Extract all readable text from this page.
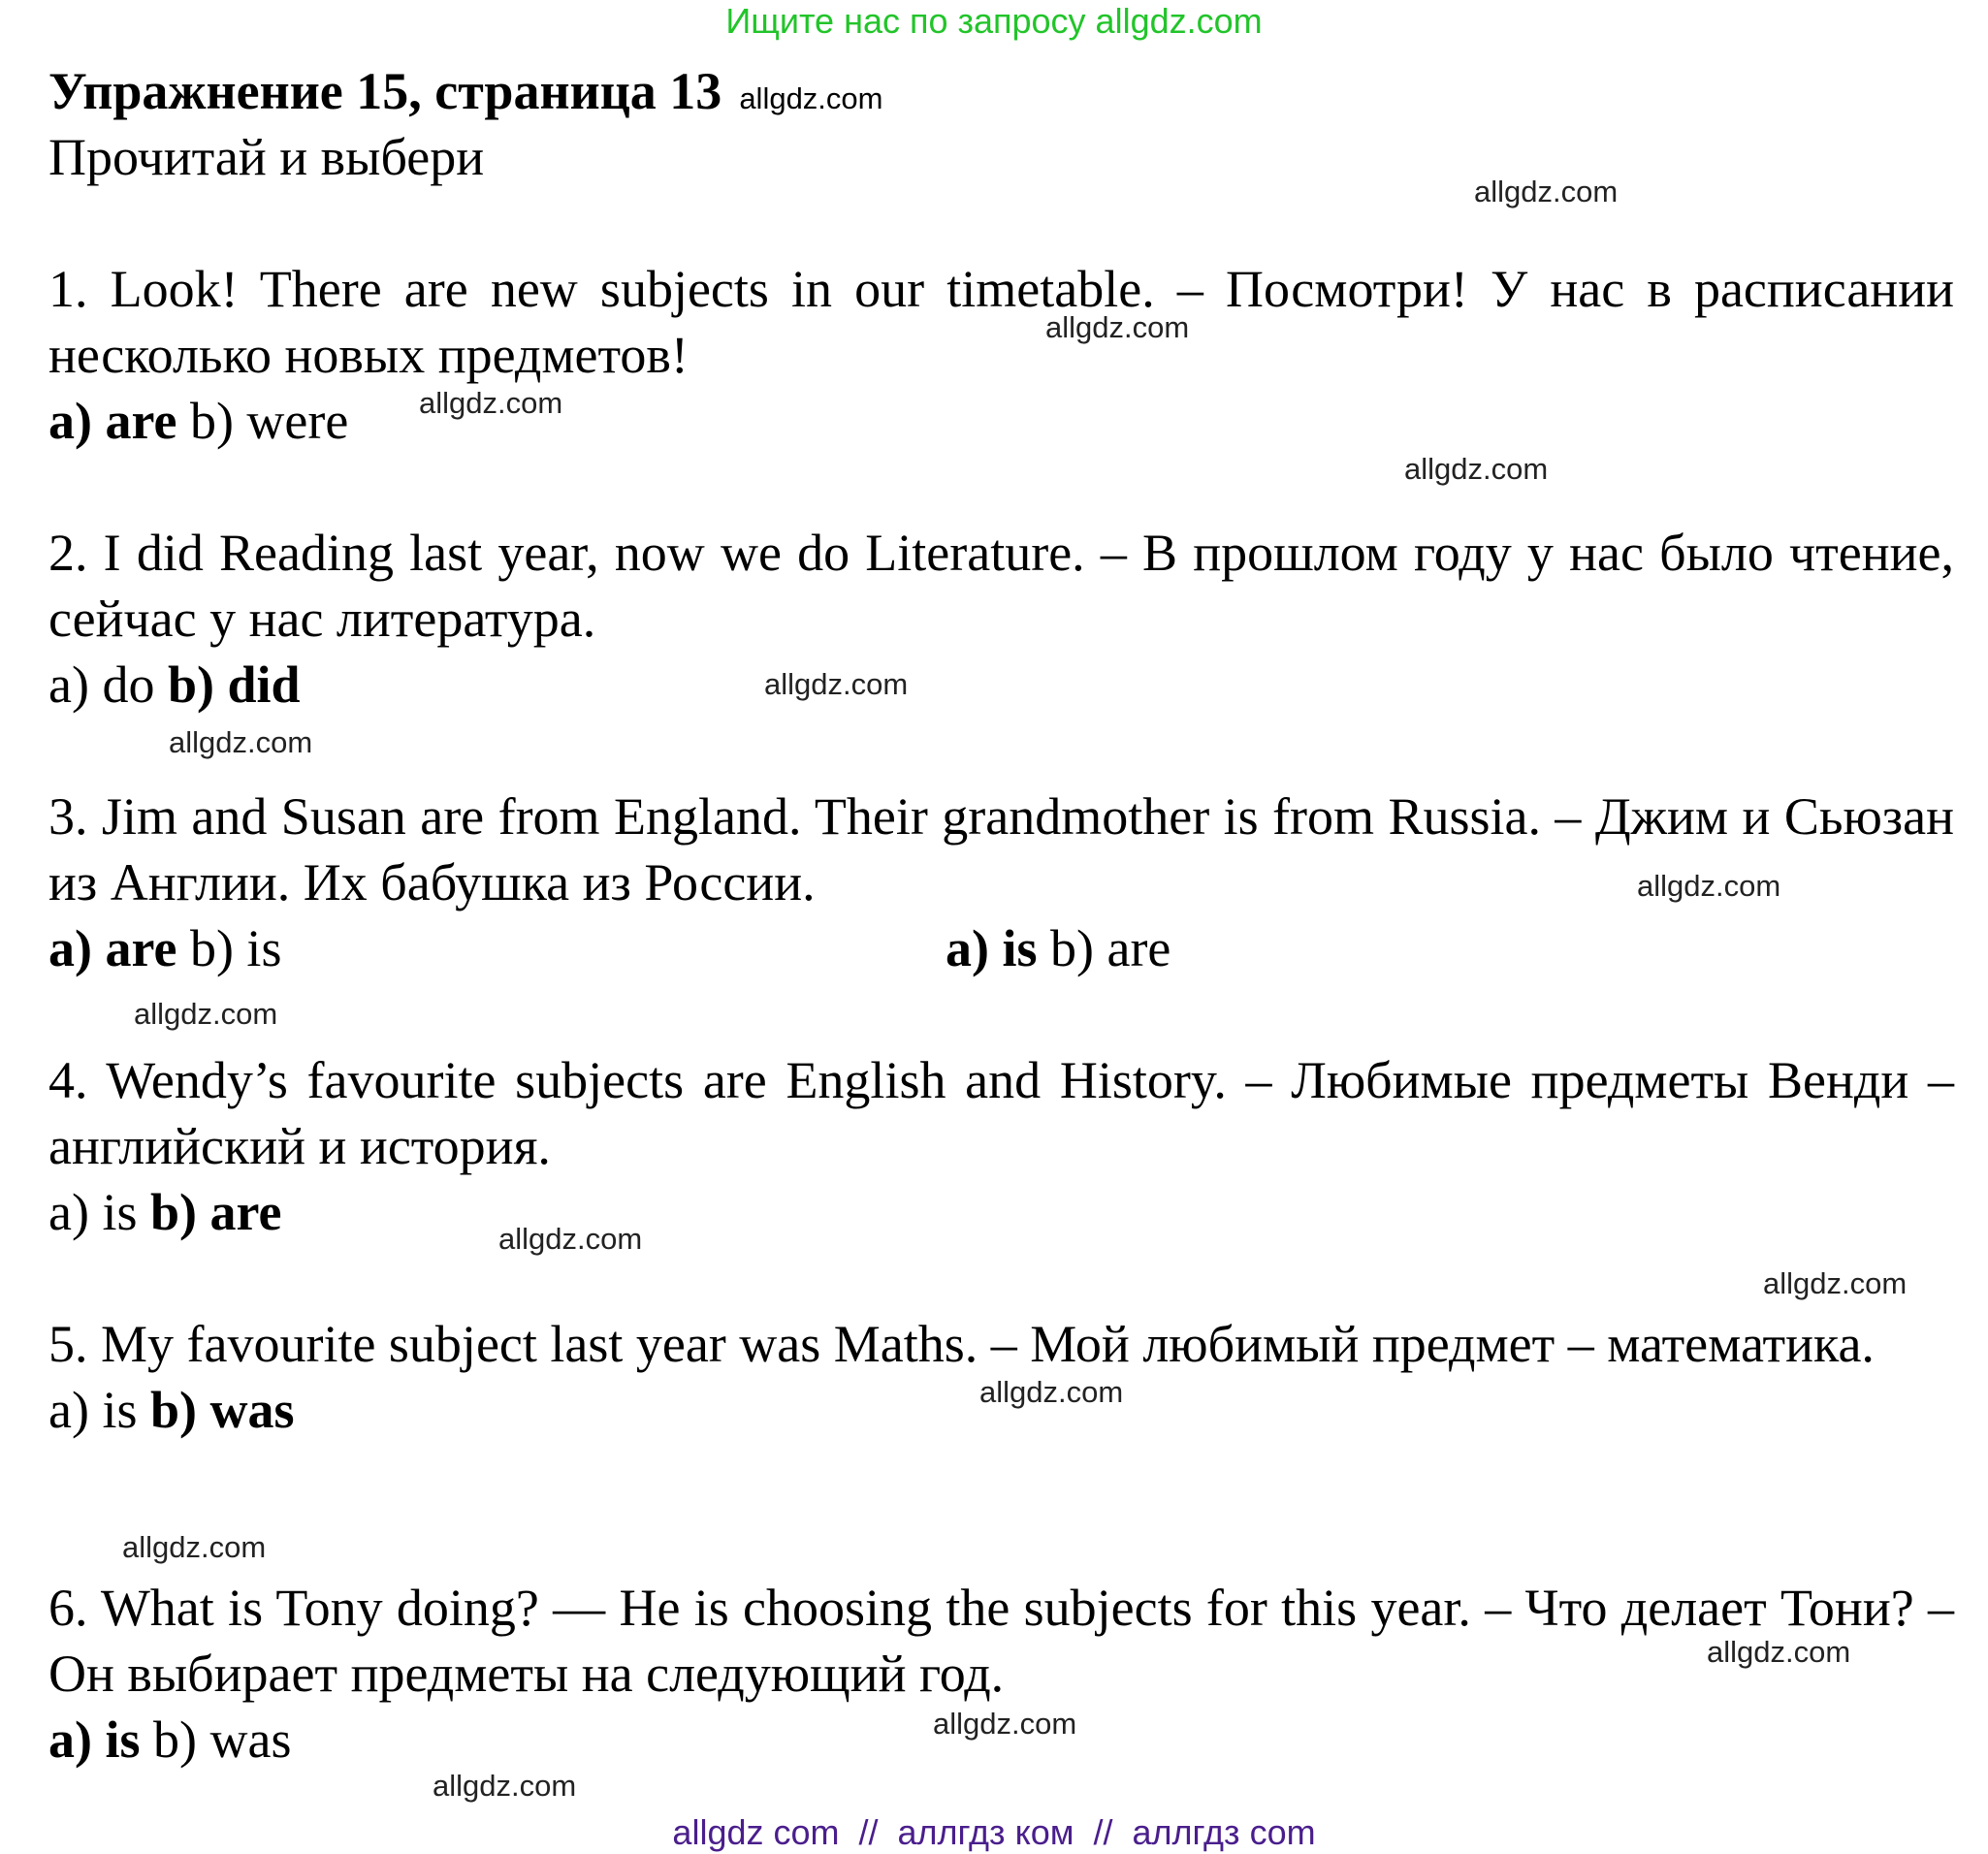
Ищите нас по запросу allgdz.com
Упражнение 15, страница 13 allgdz.com
Прочитай и выбери

1. Look! There are new subjects in our timetable. – Посмотри! У нас в расписании несколько новых предметов!

a) are b) were

2. I did Reading last year, now we do Literature. – В прошлом году у нас было чтение, сейчас у нас литература.

a) do b) did

3. Jim and Susan are from England. Their grandmother is from Russia. – Джим и Сьюзан из Англии. Их бабушка из России.

a) are b) is	a) is b) are

4. Wendy’s favourite subjects are English and History. – Любимые предметы Венди – английский и история.

a) is b) are

5. My favourite subject last year was Maths. – Мой любимый предмет – математика.

a) is b) was

6. What is Tony doing? — He is choosing the subjects for this year. – Что делает Тони? – Он выбирает предметы на следующий год.

a) is b) was

allgdz.com
allgdz.com
allgdz.com
allgdz.com
allgdz.com
allgdz.com
allgdz.com
allgdz.com
allgdz.com
allgdz.com
allgdz.com
allgdz.com
allgdz.com
allgdz.com
allgdz.com
allgdz com  //  аллгдз ком  //  аллгдз com
